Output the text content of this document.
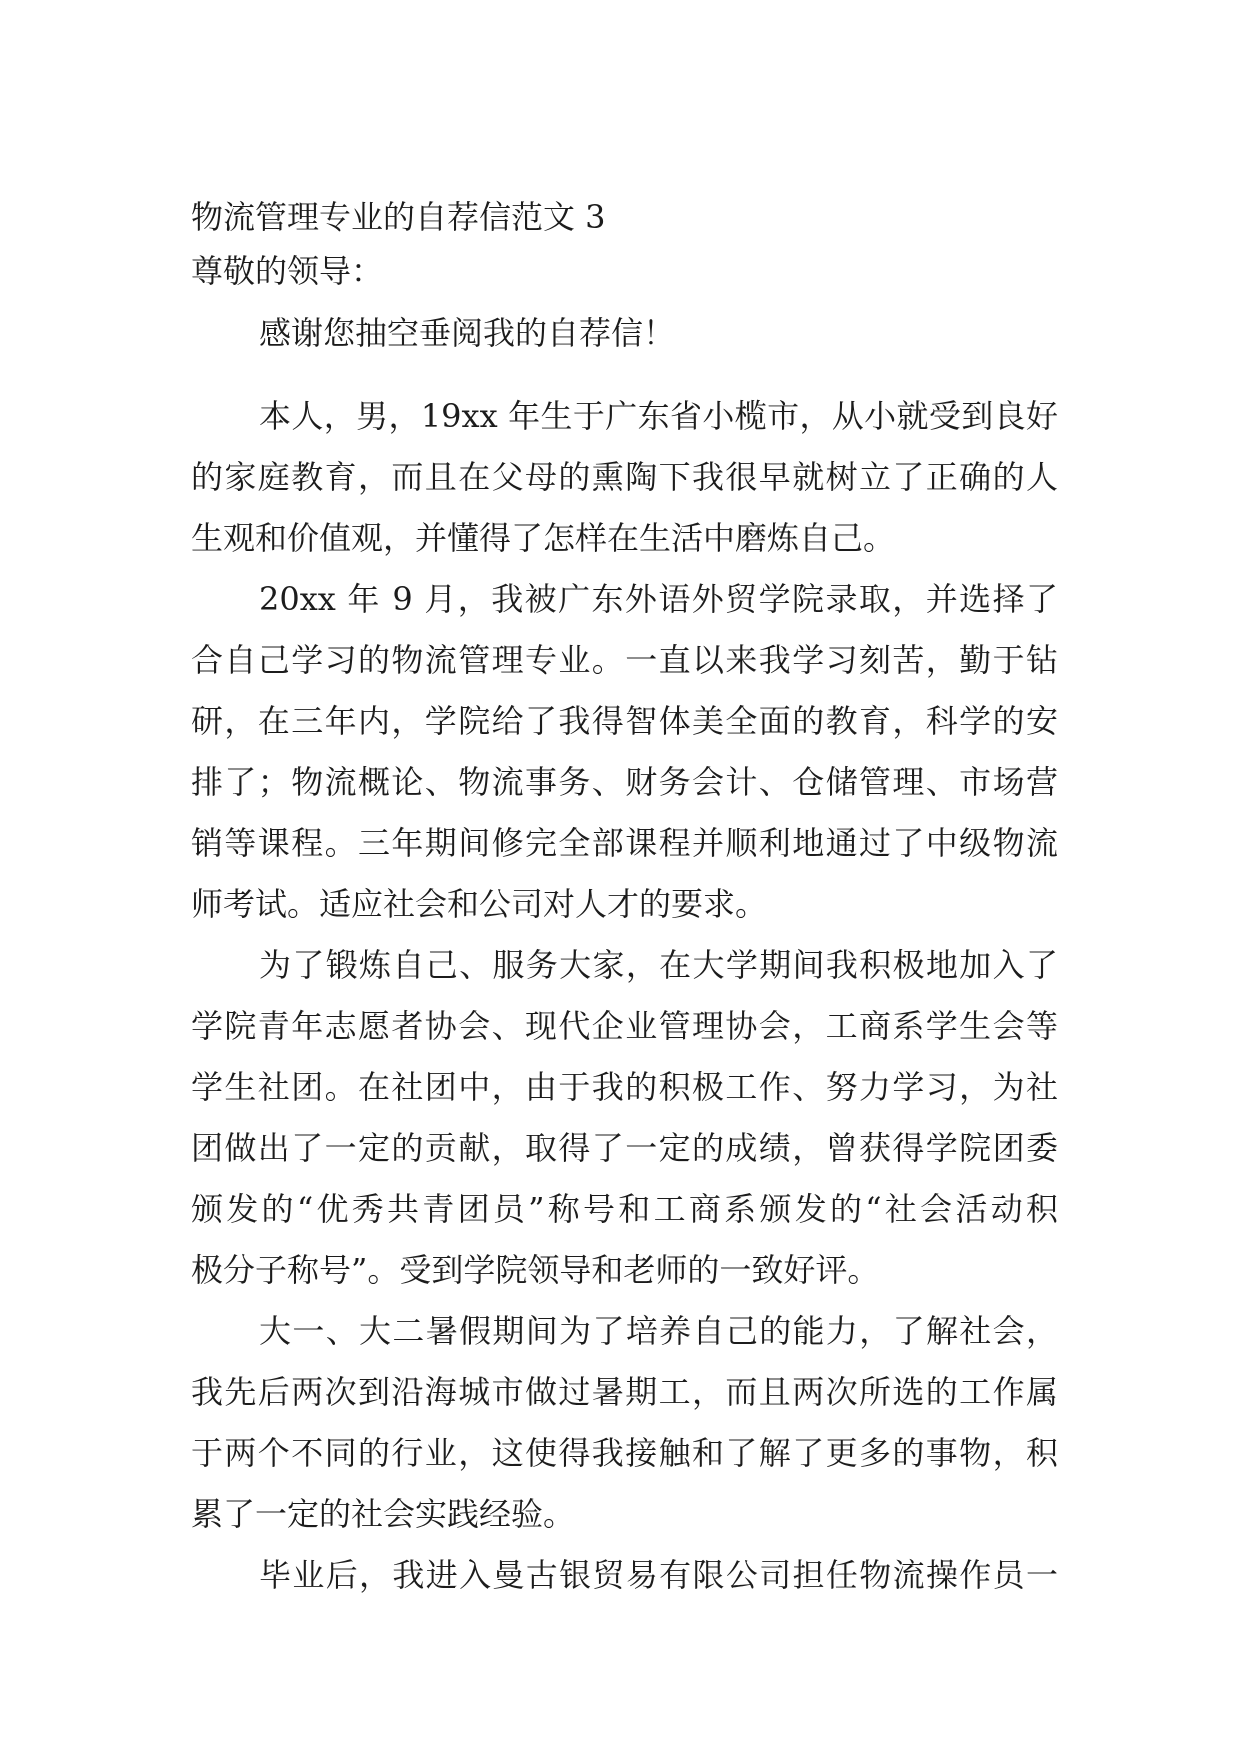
物流管理专业的自荐信范文 3
尊敬的领导：
感谢您抽空垂阅我的自荐信！
本人，男，19xx 年生于广东省小榄市，从小就受到良好
的家庭教育，而且在父母的熏陶下我很早就树立了正确的人
生观和价值观，并懂得了怎样在生活中磨炼自己。
20xx 年 9 月，我被广东外语外贸学院录取，并选择了
合自己学习的物流管理专业。一直以来我学习刻苦，勤于钻
研，在三年内，学院给了我得智体美全面的教育，科学的安
排了；物流概论、物流事务、财务会计、仓储管理、市场营
销等课程。三年期间修完全部课程并顺利地通过了中级物流
师考试。适应社会和公司对人才的要求。
为了锻炼自己、服务大家，在大学期间我积极地加入了
学院青年志愿者协会、现代企业管理协会，工商系学生会等
学生社团。在社团中，由于我的积极工作、努力学习，为社
团做出了一定的贡献，取得了一定的成绩，曾获得学院团委
颁发的“优秀共青团员”称号和工商系颁发的“社会活动积
极分子称号”。受到学院领导和老师的一致好评。
大一、大二暑假期间为了培养自己的能力，了解社会，
我先后两次到沿海城市做过暑期工，而且两次所选的工作属
于两个不同的行业，这使得我接触和了解了更多的事物，积
累了一定的社会实践经验。
毕业后，我进入曼古银贸易有限公司担任物流操作员一
